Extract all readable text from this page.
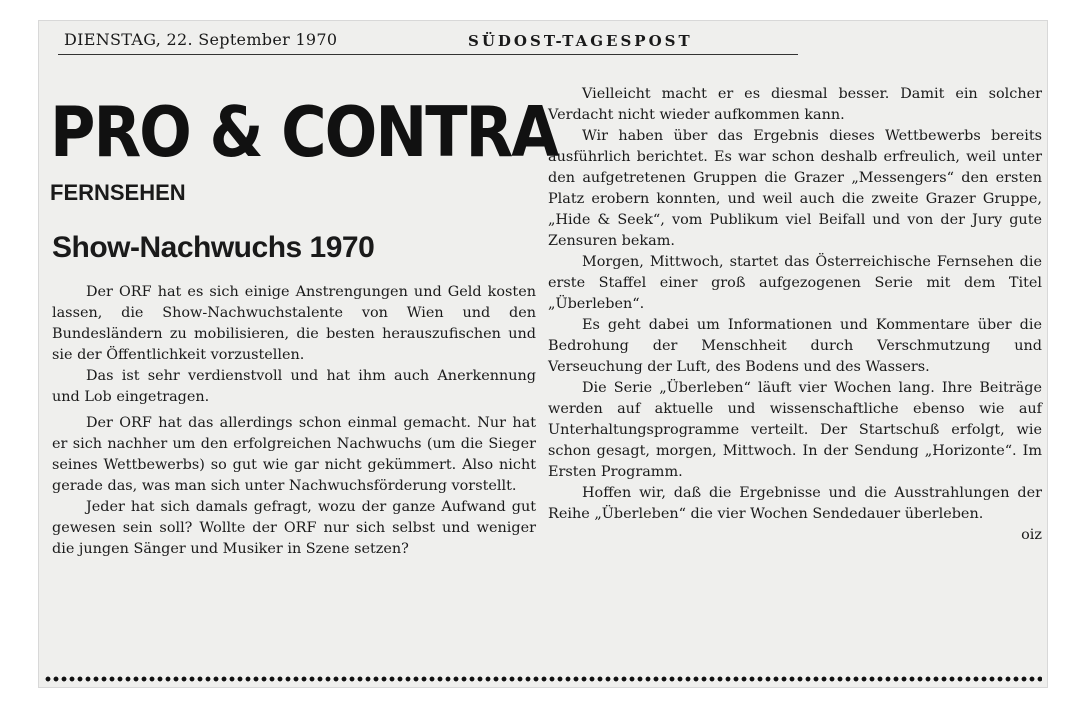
DIENSTAG, 22. September 1970	SÜDOST-TAGESPOST
PRO & CONTRA
FERNSEHEN
Show-Nachwuchs 1970

Der ORF hat es sich einige Anstrengungen und Geld kosten lassen, die Show-Nachwuchstalente von Wien und den Bundesländern zu mobilisieren, die besten herauszufischen und sie der Öffentlichkeit vorzustellen.

Das ist sehr verdienstvoll und hat ihm auch Anerkennung und Lob eingetragen.

Der ORF hat das allerdings schon einmal gemacht. Nur hat er sich nachher um den erfolgreichen Nachwuchs (um die Sieger seines Wettbewerbs) so gut wie gar nicht gekümmert. Also nicht gerade das, was man sich unter Nachwuchsförderung vorstellt.

Jeder hat sich damals gefragt, wozu der ganze Aufwand gut gewesen sein soll? Wollte der ORF nur sich selbst und weniger die jungen Sänger und Musiker in Szene setzen?

Vielleicht macht er es diesmal besser. Damit ein solcher Verdacht nicht wieder aufkommen kann.

Wir haben über das Ergebnis dieses Wettbewerbs bereits ausführlich berichtet. Es war schon deshalb erfreulich, weil unter den aufgetretenen Gruppen die Grazer „Messengers“ den ersten Platz erobern konnten, und weil auch die zweite Grazer Gruppe, „Hide & Seek“, vom Publikum viel Beifall und von der Jury gute Zensuren bekam.

Morgen, Mittwoch, startet das Österreichische Fernsehen die erste Staffel einer groß aufgezogenen Serie mit dem Titel „Überleben“.

Es geht dabei um Informationen und Kommentare über die Bedrohung der Menschheit durch Verschmutzung und Verseuchung der Luft, des Bodens und des Wassers.

Die Serie „Überleben“ läuft vier Wochen lang. Ihre Beiträge werden auf aktuelle und wissenschaftliche ebenso wie auf Unterhaltungsprogramme verteilt. Der Startschuß erfolgt, wie schon gesagt, morgen, Mittwoch. In der Sendung „Horizonte“. Im Ersten Programm.

Hoffen wir, daß die Ergebnisse und die Ausstrahlungen der Reihe „Überleben“ die vier Wochen Sendedauer überleben.

oiz
